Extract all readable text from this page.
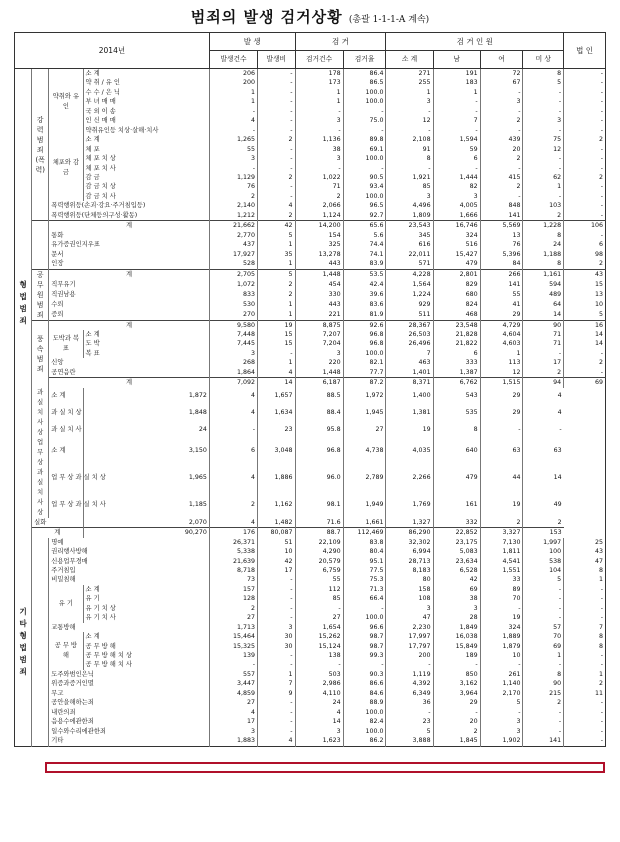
범죄의 발생 검거상황 (총괄 1-1-1-A 계속)
2014년				발 생		검 거		검 거 인 원				법 인
				발생건수	발생비	검거건수	검거율	소 계	남	여	미 상	
형 법 범 죄	강력범죄(폭력)	약취와 유 인	소 계	206	-	178	86.4	271	191	72	8	-
			약 취 / 유 인	200	-	173	86.5	255	183	67	5	-
			수 수 / 은 닉	1	-	1	100.0	1	1	-	-	-
			부 녀 매 매	1	-	1	100.0	3	-	3	-	-
			국 외 이 송	-	-	-	-	-	-	-	-	-
			인 신 매 매	4	-	3	75.0	12	7	2	3	-
			약취유인등 치상·살해·치사	-	-	-	-	-	-	-	-	-
		체포와 감 금	소 계	1,265	2	1,136	89.8	2,108	1,594	439	75	2
			체 포	55	-	38	69.1	91	59	20	12	-
			체 포 치 상	3	-	3	100.0	8	6	2	-	-
			체 포 치 사	-	-	-	-	-	-	-	-	-
			감 금	1,129	2	1,022	90.5	1,921	1,444	415	62	2
			감 금 치 상	76	-	71	93.4	85	82	2	1	-
			감 금 치 사	2	-	2	100.0	3	3	-	-	-
		폭력행위등(손괴·강요·주거침입등)		2,140	4	2,066	96.5	4,496	4,005	848	103	-
		폭력행위등(단체등의구성·활동)		1,212	2	1,124	92.7	1,809	1,666	141	2	-
		계		21,662	42	14,200	65.6	23,543	16,746	5,569	1,228	106
		통화		2,770	5	154	5.6	345	324	13	8	-
		유가증권인지우표		437	1	325	74.4	616	516	76	24	6
		문서		17,927	35	13,278	74.1	22,011	15,427	5,396	1,188	98
		인장		528	1	443	83.9	571	479	84	8	2
	공무원범죄	계		2,705	5	1,448	53.5	4,228	2,801	266	1,161	43
		직무유기		1,072	2	454	42.4	1,564	829	141	594	15
		직권남용		833	2	330	39.6	1,224	680	55	489	13
		수뢰		530	1	443	83.6	929	824	41	64	10
		증뢰		270	1	221	81.9	511	468	29	14	5
	풍속범죄	계		9,580	19	8,875	92.6	28,367	23,548	4,729	90	16
		도박과 복 표	소 계	7,448	15	7,207	96.8	26,503	21,828	4,604	71	14
			도 박	7,445	15	7,204	96.8	26,496	21,822	4,603	71	14
			복 표	3	-	3	100.0	7	6	1	-	-
		신앙		268	1	220	82.1	463	333	113	17	2
		공연음란		1,864	4	1,448	77.7	1,401	1,387	12	2	-
		계		7,092	14	6,187	87.2	8,371	6,762	1,515	94	69
	과 실 치사상	소 계	1,872	4	1,657	88.5	1,972	1,400	543	29	4	
		과 실 치 상	1,848	4	1,634	88.4	1,945	1,381	535	29	4	
		과 실 치 사	24	-	23	95.8	27	19	8	-	-	
	업무상 과 실 치사상	소 계	3,150	6	3,048	96.8	4,738	4,035	640	63	63	
		업 무 상 과 실 치 상	1,965	4	1,886	96.0	2,789	2,266	479	44	14	
		업 무 상 과 실 치 사	1,185	2	1,162	98.1	1,949	1,769	161	19	49	
	실화		2,070	4	1,482	71.6	1,661	1,327	332	2	2	
	계		90,270	176	80,087	88.7	112,469	86,290	22,852	3,327	153	
기 타 형 법 범 죄		명예		26,371	51	22,109	83.8	32,302	23,175	7,130	1,997	25
		권리행사방해		5,338	10	4,290	80.4	6,994	5,083	1,811	100	43
		신용업무경매		21,639	42	20,579	95.1	28,713	23,634	4,541	538	47
		주거침입		8,718	17	6,759	77.5	8,183	6,528	1,551	104	8
		비밀침해		73	-	55	75.3	80	42	33	5	1
		유 기	소 계	157	-	112	71.3	158	69	89	-	-
			유 기	128	-	85	66.4	108	38	70	-	-
			유 기 치 상	2	-	-	-	3	3	-	-	-
			유 기 치 사	27	-	27	100.0	47	28	19	-	-
		교통방해		1,713	3	1,654	96.6	2,230	1,849	324	57	7
		공 무 방 해	소 계	15,464	30	15,262	98.7	17,997	16,038	1,889	70	8
			공 무 방 해	15,325	30	15,124	98.7	17,797	15,849	1,879	69	8
			공 무 방 해 치 상	139	-	138	99.3	200	189	10	1	-
			공 무 방 해 치 사	-	-	-	-	-	-	-	-	-
		도주와범인은닉		557	1	503	90.3	1,119	850	261	8	1
		위증과증거인멸		3,447	7	2,986	86.6	4,392	3,162	1,140	90	2
		무고		4,859	9	4,110	84.6	6,349	3,964	2,170	215	11
		공안을해하는죄		27	-	24	88.9	36	29	5	2	-
		내란의죄		4	-	4	100.0	-	-	-	-	-
		음용수에관한죄		17	-	14	82.4	23	20	3	-	-
		일수와수리에관한죄		3	-	3	100.0	5	2	3	-	-
		기타		1,883	4	1,623	86.2	3,888	1,845	1,902	141	-
